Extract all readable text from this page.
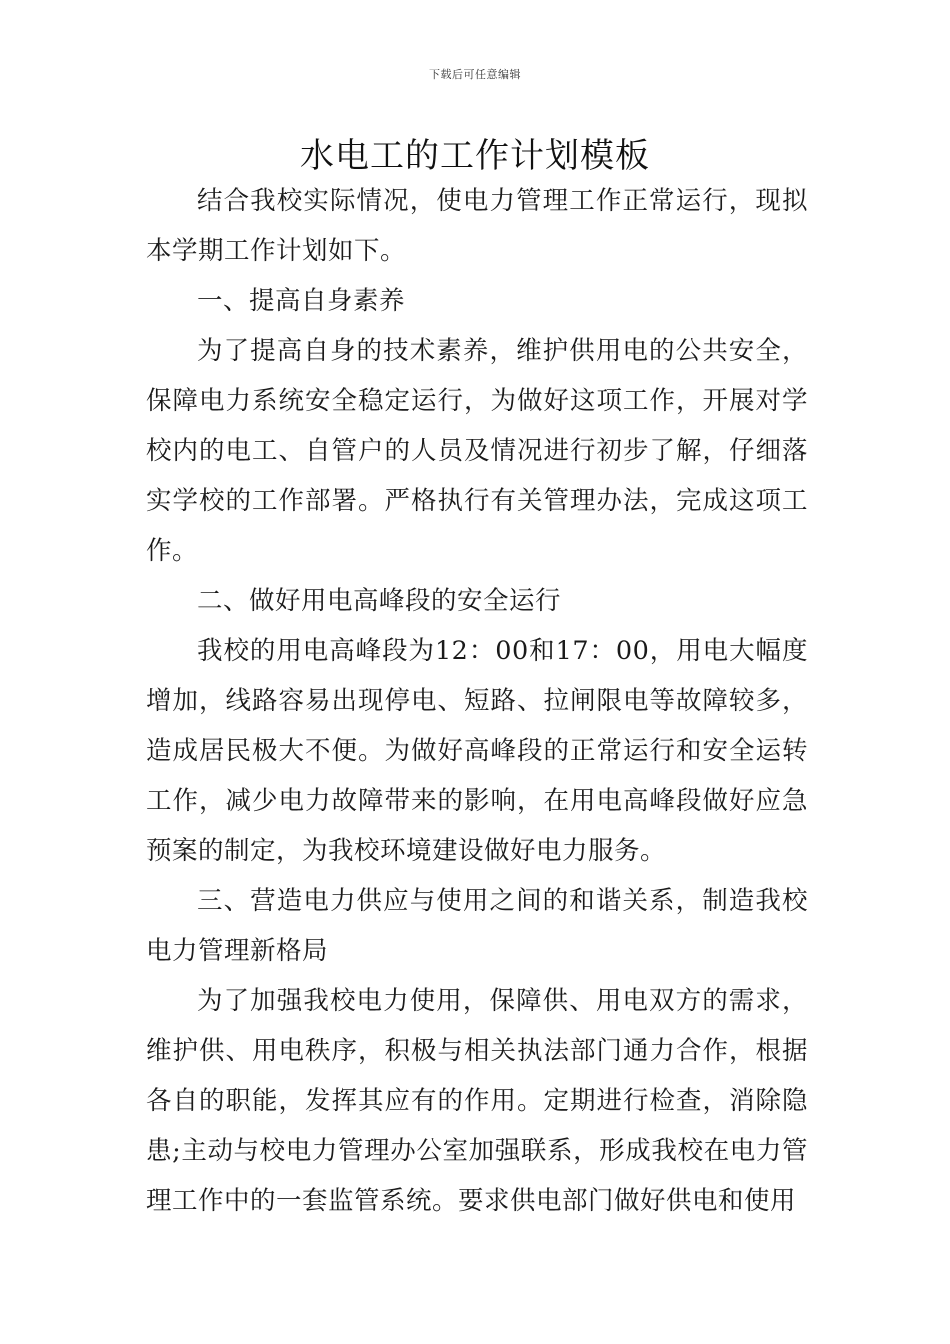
下载后可任意编辑
水电工的工作计划模板

结合我校实际情况，使电力管理工作正常运行，现拟本学期工作计划如下。

一、提高自身素养

为了提高自身的技术素养，维护供用电的公共安全，保障电力系统安全稳定运行，为做好这项工作，开展对学校内的电工、自管户的人员及情况进行初步了解，仔细落实学校的工作部署。严格执行有关管理办法，完成这项工作。

二、做好用电高峰段的安全运行

我校的用电高峰段为12：00和17：00，用电大幅度增加，线路容易出现停电、短路、拉闸限电等故障较多，造成居民极大不便。为做好高峰段的正常运行和安全运转工作，减少电力故障带来的影响，在用电高峰段做好应急预案的制定，为我校环境建设做好电力服务。

三、营造电力供应与使用之间的和谐关系，制造我校电力管理新格局

为了加强我校电力使用，保障供、用电双方的需求，维护供、用电秩序，积极与相关执法部门通力合作，根据各自的职能，发挥其应有的作用。定期进行检查，消除隐患;主动与校电力管理办公室加强联系，形成我校在电力管理工作中的一套监管系统。要求供电部门做好供电和使用
